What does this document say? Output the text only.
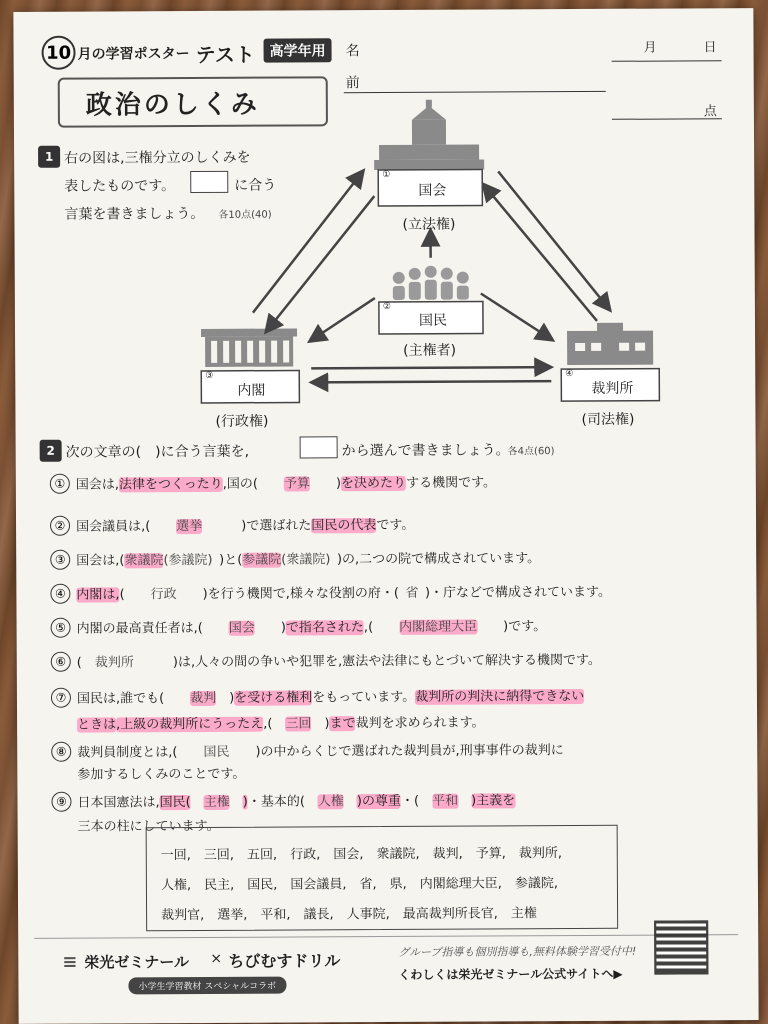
10 月の学習ポスター テスト	高学年用	名
前
月	日
点
政治のしくみ
1 右の図は,三権分立のしくみを
表したものです。	に合う
言葉を書きましょう。 各10点(40)
①
国会
(立法権)
②
国民
(主権者)
③
内閣
(行政権)
④
裁判所
(司法権)
2 次の文章の(　)に合う言葉を,	から選んで書きましょう。
各4点(60)
① 国会は,法律をつくったり,国の(   予算   )を決めたりする機関です。
② 国会議員は,(   選挙   	)で選ばれた国民の代表です。
③ 国会は,(衆議院(参議院)  )と(参議院(衆議院)  )の,二つの院で構成されています。
④ 内閣は,(   行政   )を行う機関で,様々な役割の府・(  省  )・庁などで構成されています。
⑤ 内閣の最高責任者は,(   国会   )で指名された,(   内閣総理大臣   )です。
⑥ (  裁判所   	)は,人々の間の争いや犯罪を,憲法や法律にもとづいて解決する機関です。
⑦ 国民は,誰でも(   裁判  )を受ける権利をもっています。裁判所の判決に納得できない
ときは,上級の裁判所にうったえ,(  三回  )まで裁判を求められます。
⑧ 裁判員制度とは,(   国民   )の中からくじで選ばれた裁判員が,刑事事件の裁判に
参加するしくみのことです。
⑨ 日本国憲法は,国民(  主権  )・基本的(  人権  )の尊重・(  平和  )主義を
三本の柱にしています。
一回,　三回,　五回,　行政,　国会,　衆議院,　裁判,　予算,　裁判所,
人権,　民主,　国民,　国会議員,　省,　県,　内閣総理大臣,　参議院,
裁判官,　選挙,　平和,　議長,　人事院,　最高裁判所長官,　主権
≡ 栄光ゼミナール × ちびむすドリル
小学生学習教材 スペシャルコラボ
グループ指導も個別指導も,無料体験学習受付中!
くわしくは栄光ゼミナール公式サイトへ▶
